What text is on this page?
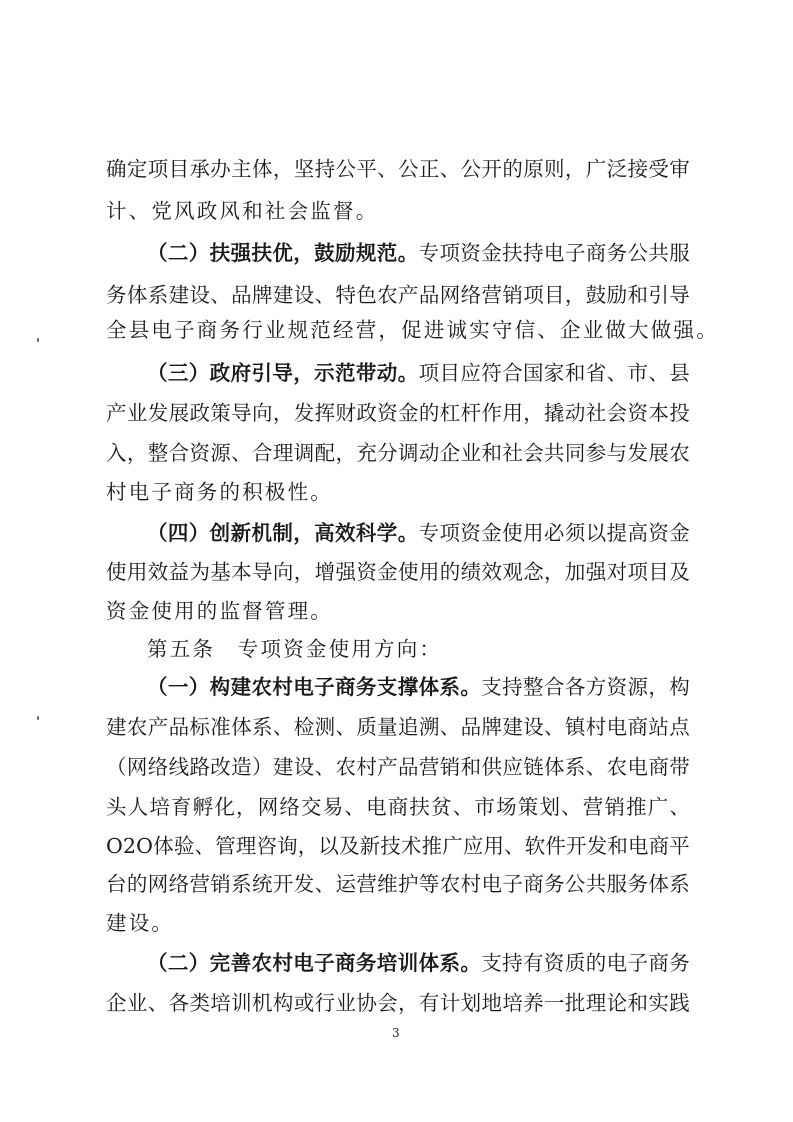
确 定 项 目 承 办 主 体 ， 坚 持 公 平 、 公 正 、 公 开 的 原 则 ， 广 泛 接 受 审
计、党风政风和社会监督。
（ 二 ） 扶 强 扶 优 ， 鼓 励 规 范 。 专 项 资 金 扶 持 电 子 商 务 公 共 服
务 体 系 建 设 、 品 牌 建 设 、 特 色 农 产 品 网 络 营 销 项 目 ， 鼓 励 和 引 导
全县电子商务行业规范经营，促进诚实守信、企业做大做强。
（ 三 ） 政 府 引 导 ， 示 范 带 动 。 项 目 应 符 合 国 家 和 省 、 市 、 县
产 业 发 展 政 策 导 向 ， 发 挥 财 政 资 金 的 杠 杆 作 用 ， 撬 动 社 会 资 本 投
入 ， 整 合 资 源 、 合 理 调 配 ， 充 分 调 动 企 业 和 社 会 共 同 参 与 发 展 农
村电子商务的积极性。
（ 四 ） 创 新 机 制 ， 高 效 科 学 。 专 项 资 金 使 用 必 须 以 提 高 资 金
使 用 效 益 为 基 本 导 向 ， 增 强 资 金 使 用 的 绩 效 观 念 ， 加 强 对 项 目 及
资金使用的监督管理。
第五条　专项资金使用方向：
（ 一 ） 构 建 农 村 电 子 商 务 支 撑 体 系 。 支 持 整 合 各 方 资 源 ， 构
建 农 产 品 标 准 体 系 、 检 测 、 质 量 追 溯 、 品 牌 建 设 、 镇 村 电 商 站 点
（ 网 络 线 路 改 造 ） 建 设 、 农 村 产 品 营 销 和 供 应 链 体 系 、 农 电 商 带
头 人 培 育 孵 化 ， 网 络 交 易 、 电 商 扶 贫 、 市 场 策 划 、 营 销 推 广 、
O 2 O 体 验 、 管 理 咨 询 ， 以 及 新 技 术 推 广 应 用 、 软 件 开 发 和 电 商 平
台 的 网 络 营 销 系 统 开 发 、 运 营 维 护 等 农 村 电 子 商 务 公 共 服 务 体 系
建设。
（ 二 ） 完 善 农 村 电 子 商 务 培 训 体 系 。 支 持 有 资 质 的 电 子 商 务
企 业 、 各 类 培 训 机 构 或 行 业 协 会 ， 有 计 划 地 培 养 一 批 理 论 和 实 践
3
